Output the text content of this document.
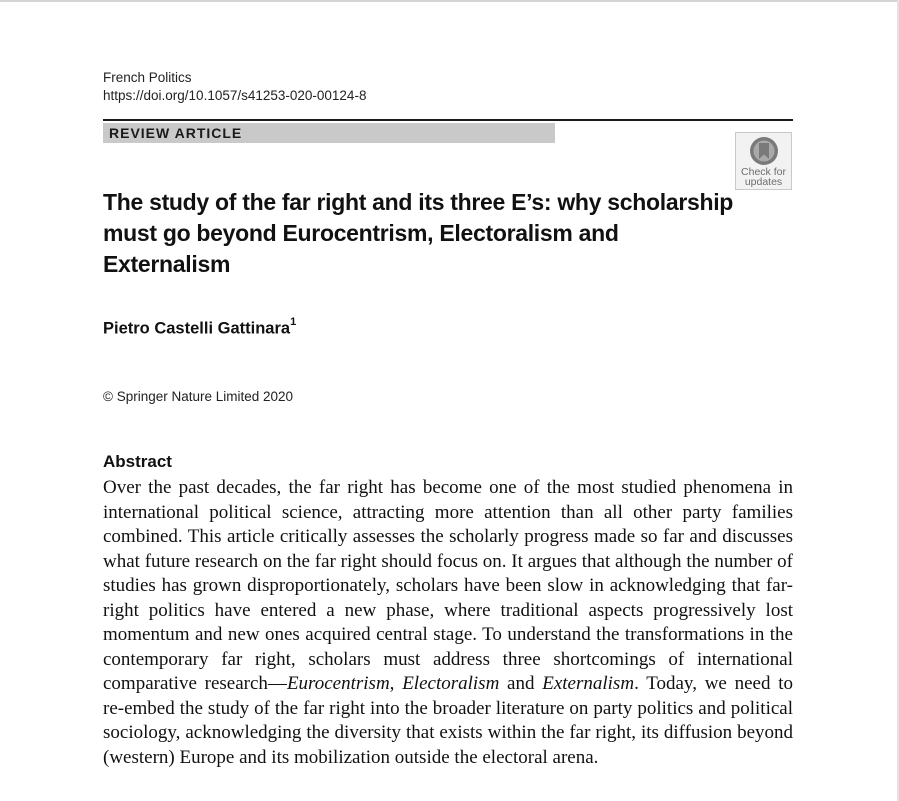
French Politics
https://doi.org/10.1057/s41253-020-00124-8
REVIEW ARTICLE
Check for
updates
The study of the far right and its three E’s: why scholarship must go beyond Eurocentrism, Electoralism and Externalism
Pietro Castelli Gattinara$^1$
© Springer Nature Limited 2020
Abstract

Over the past decades, the far right has become one of the most studied phenomena in international political science, attracting more attention than all other party families combined. This article critically assesses the scholarly progress made so far and discusses what future research on the far right should focus on. It argues that although the number of studies has grown disproportionately, scholars have been slow in acknowledging that far-right politics have entered a new phase, where traditional aspects progressively lost momentum and new ones acquired central stage. To understand the transformations in the contemporary far right, scholars must address three shortcomings of international comparative research—Eurocentrism, Electoralism and Externalism. Today, we need to re-embed the study of the far right into the broader literature on party politics and political sociology, acknowledging the diversity that exists within the far right, its diffusion beyond (western) Europe and its mobilization outside the electoral arena.
